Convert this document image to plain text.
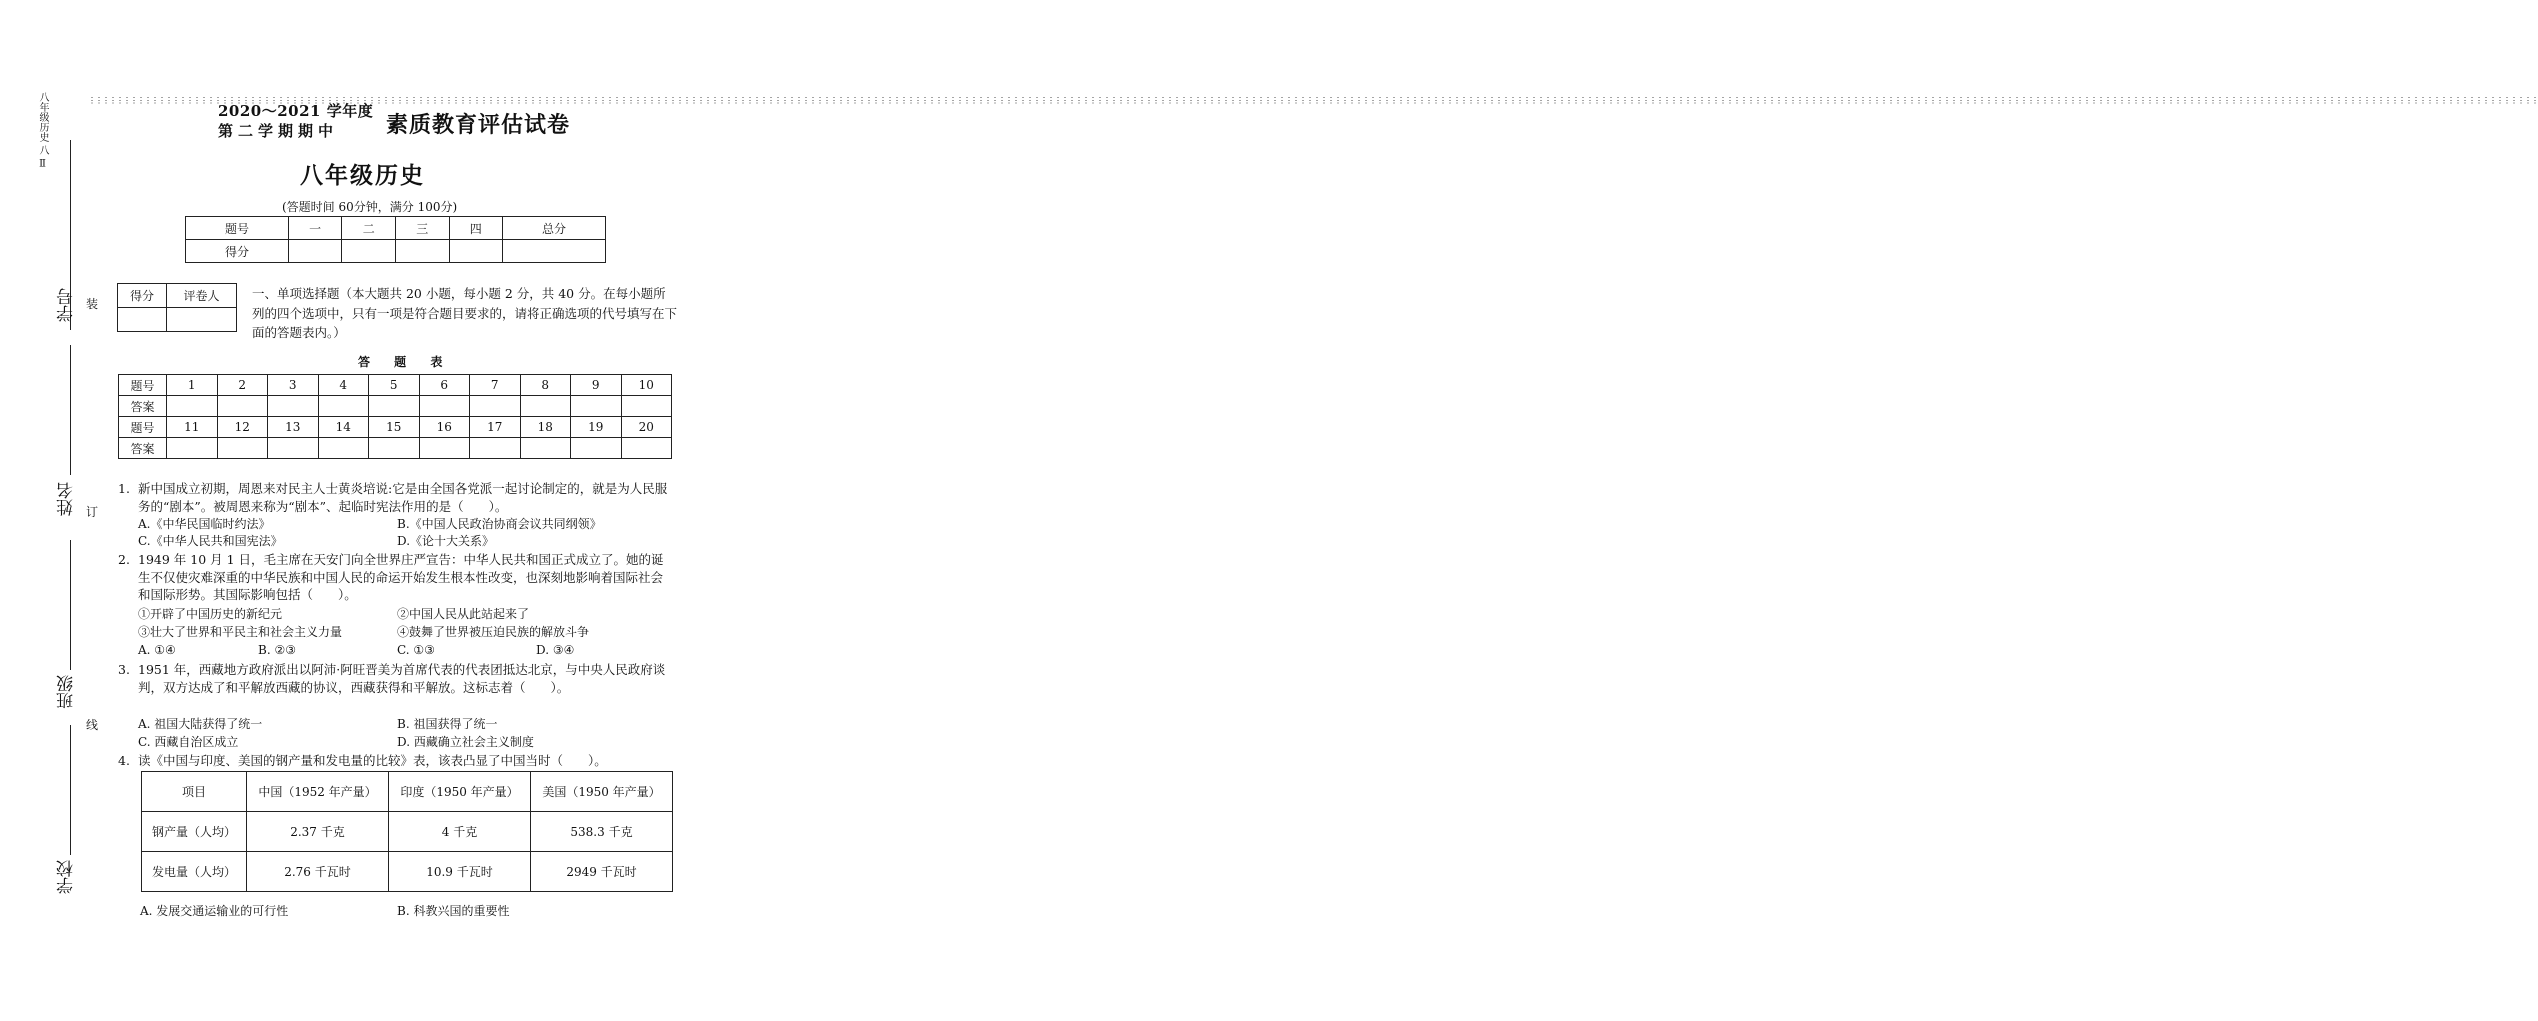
八年级历史 八 Ⅱ
学号
姓名
班级
学校
⋮⋮⋮⋮⋮⋮⋮⋮⋮⋮⋮⋮⋮⋮⋮⋮⋮⋮⋮⋮⋮⋮⋮⋮⋮⋮⋮⋮⋮⋮⋮⋮⋮⋮⋮⋮⋮⋮⋮⋮⋮⋮⋮⋮⋮⋮⋮⋮⋮⋮⋮⋮⋮⋮⋮⋮⋮⋮⋮⋮⋮⋮⋮⋮⋮⋮⋮⋮⋮⋮⋮⋮⋮⋮⋮⋮⋮⋮⋮⋮⋮⋮⋮⋮⋮⋮⋮⋮⋮⋮⋮⋮⋮⋮⋮⋮⋮⋮⋮⋮⋮⋮⋮⋮⋮⋮⋮⋮⋮⋮⋮⋮⋮⋮⋮⋮⋮⋮⋮⋮⋮⋮⋮⋮⋮⋮⋮⋮⋮⋮⋮⋮⋮⋮⋮⋮⋮⋮⋮⋮⋮⋮⋮⋮⋮⋮⋮⋮⋮⋮⋮⋮⋮⋮⋮⋮⋮⋮⋮⋮⋮⋮⋮⋮⋮⋮⋮⋮⋮⋮⋮⋮⋮⋮⋮⋮⋮⋮⋮⋮⋮⋮⋮⋮⋮⋮⋮⋮⋮⋮⋮⋮⋮⋮⋮⋮⋮⋮⋮⋮⋮⋮⋮⋮⋮⋮⋮⋮⋮⋮⋮⋮⋮⋮⋮⋮⋮⋮⋮⋮⋮⋮⋮⋮⋮⋮⋮⋮⋮⋮⋮⋮⋮⋮⋮⋮⋮⋮⋮⋮⋮⋮⋮⋮⋮⋮⋮⋮⋮⋮⋮⋮⋮⋮⋮⋮⋮⋮⋮⋮⋮⋮⋮⋮⋮⋮⋮⋮⋮⋮⋮⋮⋮⋮⋮⋮⋮⋮⋮⋮⋮⋮⋮⋮⋮⋮⋮⋮⋮⋮⋮⋮⋮⋮⋮⋮⋮⋮⋮⋮⋮⋮⋮⋮⋮⋮⋮⋮⋮⋮⋮⋮⋮⋮⋮⋮⋮⋮⋮⋮⋮⋮⋮⋮⋮⋮⋮⋮⋮⋮⋮⋮⋮⋮⋮⋮⋮⋮⋮⋮⋮⋮⋮⋮⋮⋮⋮⋮⋮⋮
装
订
线
2020～2021 学年度
第二学期期中 素质教育评估试卷
八年级历史
(答题时间 60分钟，满分 100分)
题号	一	二	三	四	总分
得分					
得分	评卷人
		一、单项选择题（本大题共 20 小题，每小题 2 分，共 40 分。在每小题所列的四个选项中，只有一项是符合题目要求的，请将正确选项的代号填写在下面的答题表内。）
答 题 表
题号	1	2	3	4	5	6	7	8	9	10
答案										
题号	11	12	13	14	15	16	17	18	19	20
答案										
1. 新中国成立初期，周恩来对民主人士黄炎培说:它是由全国各党派一起讨论制定的，就是为人民服务的“剧本”。被周恩来称为“剧本”、起临时宪法作用的是（　　）。
A.《中华民国临时约法》	B.《中国人民政治协商会议共同纲领》
C.《中华人民共和国宪法》	D.《论十大关系》
2. 1949 年 10 月 1 日，毛主席在天安门向全世界庄严宣告：中华人民共和国正式成立了。她的诞生不仅使灾难深重的中华民族和中国人民的命运开始发生根本性改变，也深刻地影响着国际社会和国际形势。其国际影响包括（　　）。
①开辟了中国历史的新纪元	②中国人民从此站起来了
③壮大了世界和平民主和社会主义力量	④鼓舞了世界被压迫民族的解放斗争
A. ①④	B. ②③	C. ①③	D. ③④
3. 1951 年，西藏地方政府派出以阿沛·阿旺晋美为首席代表的代表团抵达北京，与中央人民政府谈判，双方达成了和平解放西藏的协议，西藏获得和平解放。这标志着（　　）。
A. 祖国大陆获得了统一	B. 祖国获得了统一
C. 西藏自治区成立	D. 西藏确立社会主义制度
4. 读《中国与印度、美国的钢产量和发电量的比较》表，该表凸显了中国当时（　　）。
项目	中国（1952 年产量）	印度（1950 年产量）	美国（1950 年产量）
钢产量（人均）	2.37 千克	4 千克	538.3 千克
发电量（人均）	2.76 千瓦时	10.9 千瓦时	2949 千瓦时
A. 发展交通运输业的可行性	B. 科教兴国的重要性
